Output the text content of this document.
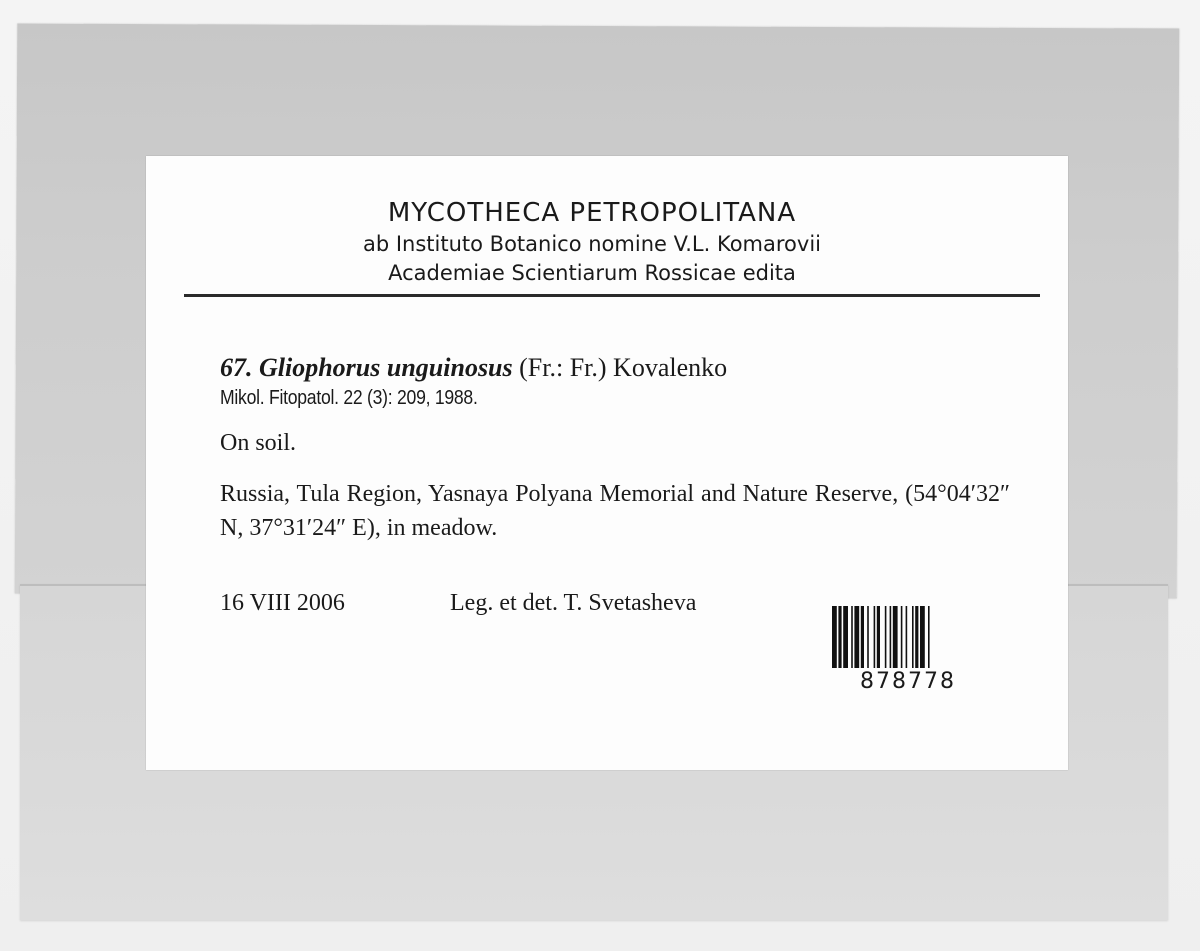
MYCOTHECA PETROPOLITANA
ab Instituto Botanico nomine V.L. Komarovii
Academiae Scientiarum Rossicae edita
67. Gliophorus unguinosus (Fr.: Fr.) Kovalenko
Mikol. Fitopatol. 22 (3): 209, 1988.
On soil.
Russia, Tula Region, Yasnaya Polyana Memorial and Nature Reserve, (54°04′32″ N, 37°31′24″ E), in meadow.
16 VIII 2006	Leg. et det. T. Svetasheva
878778
